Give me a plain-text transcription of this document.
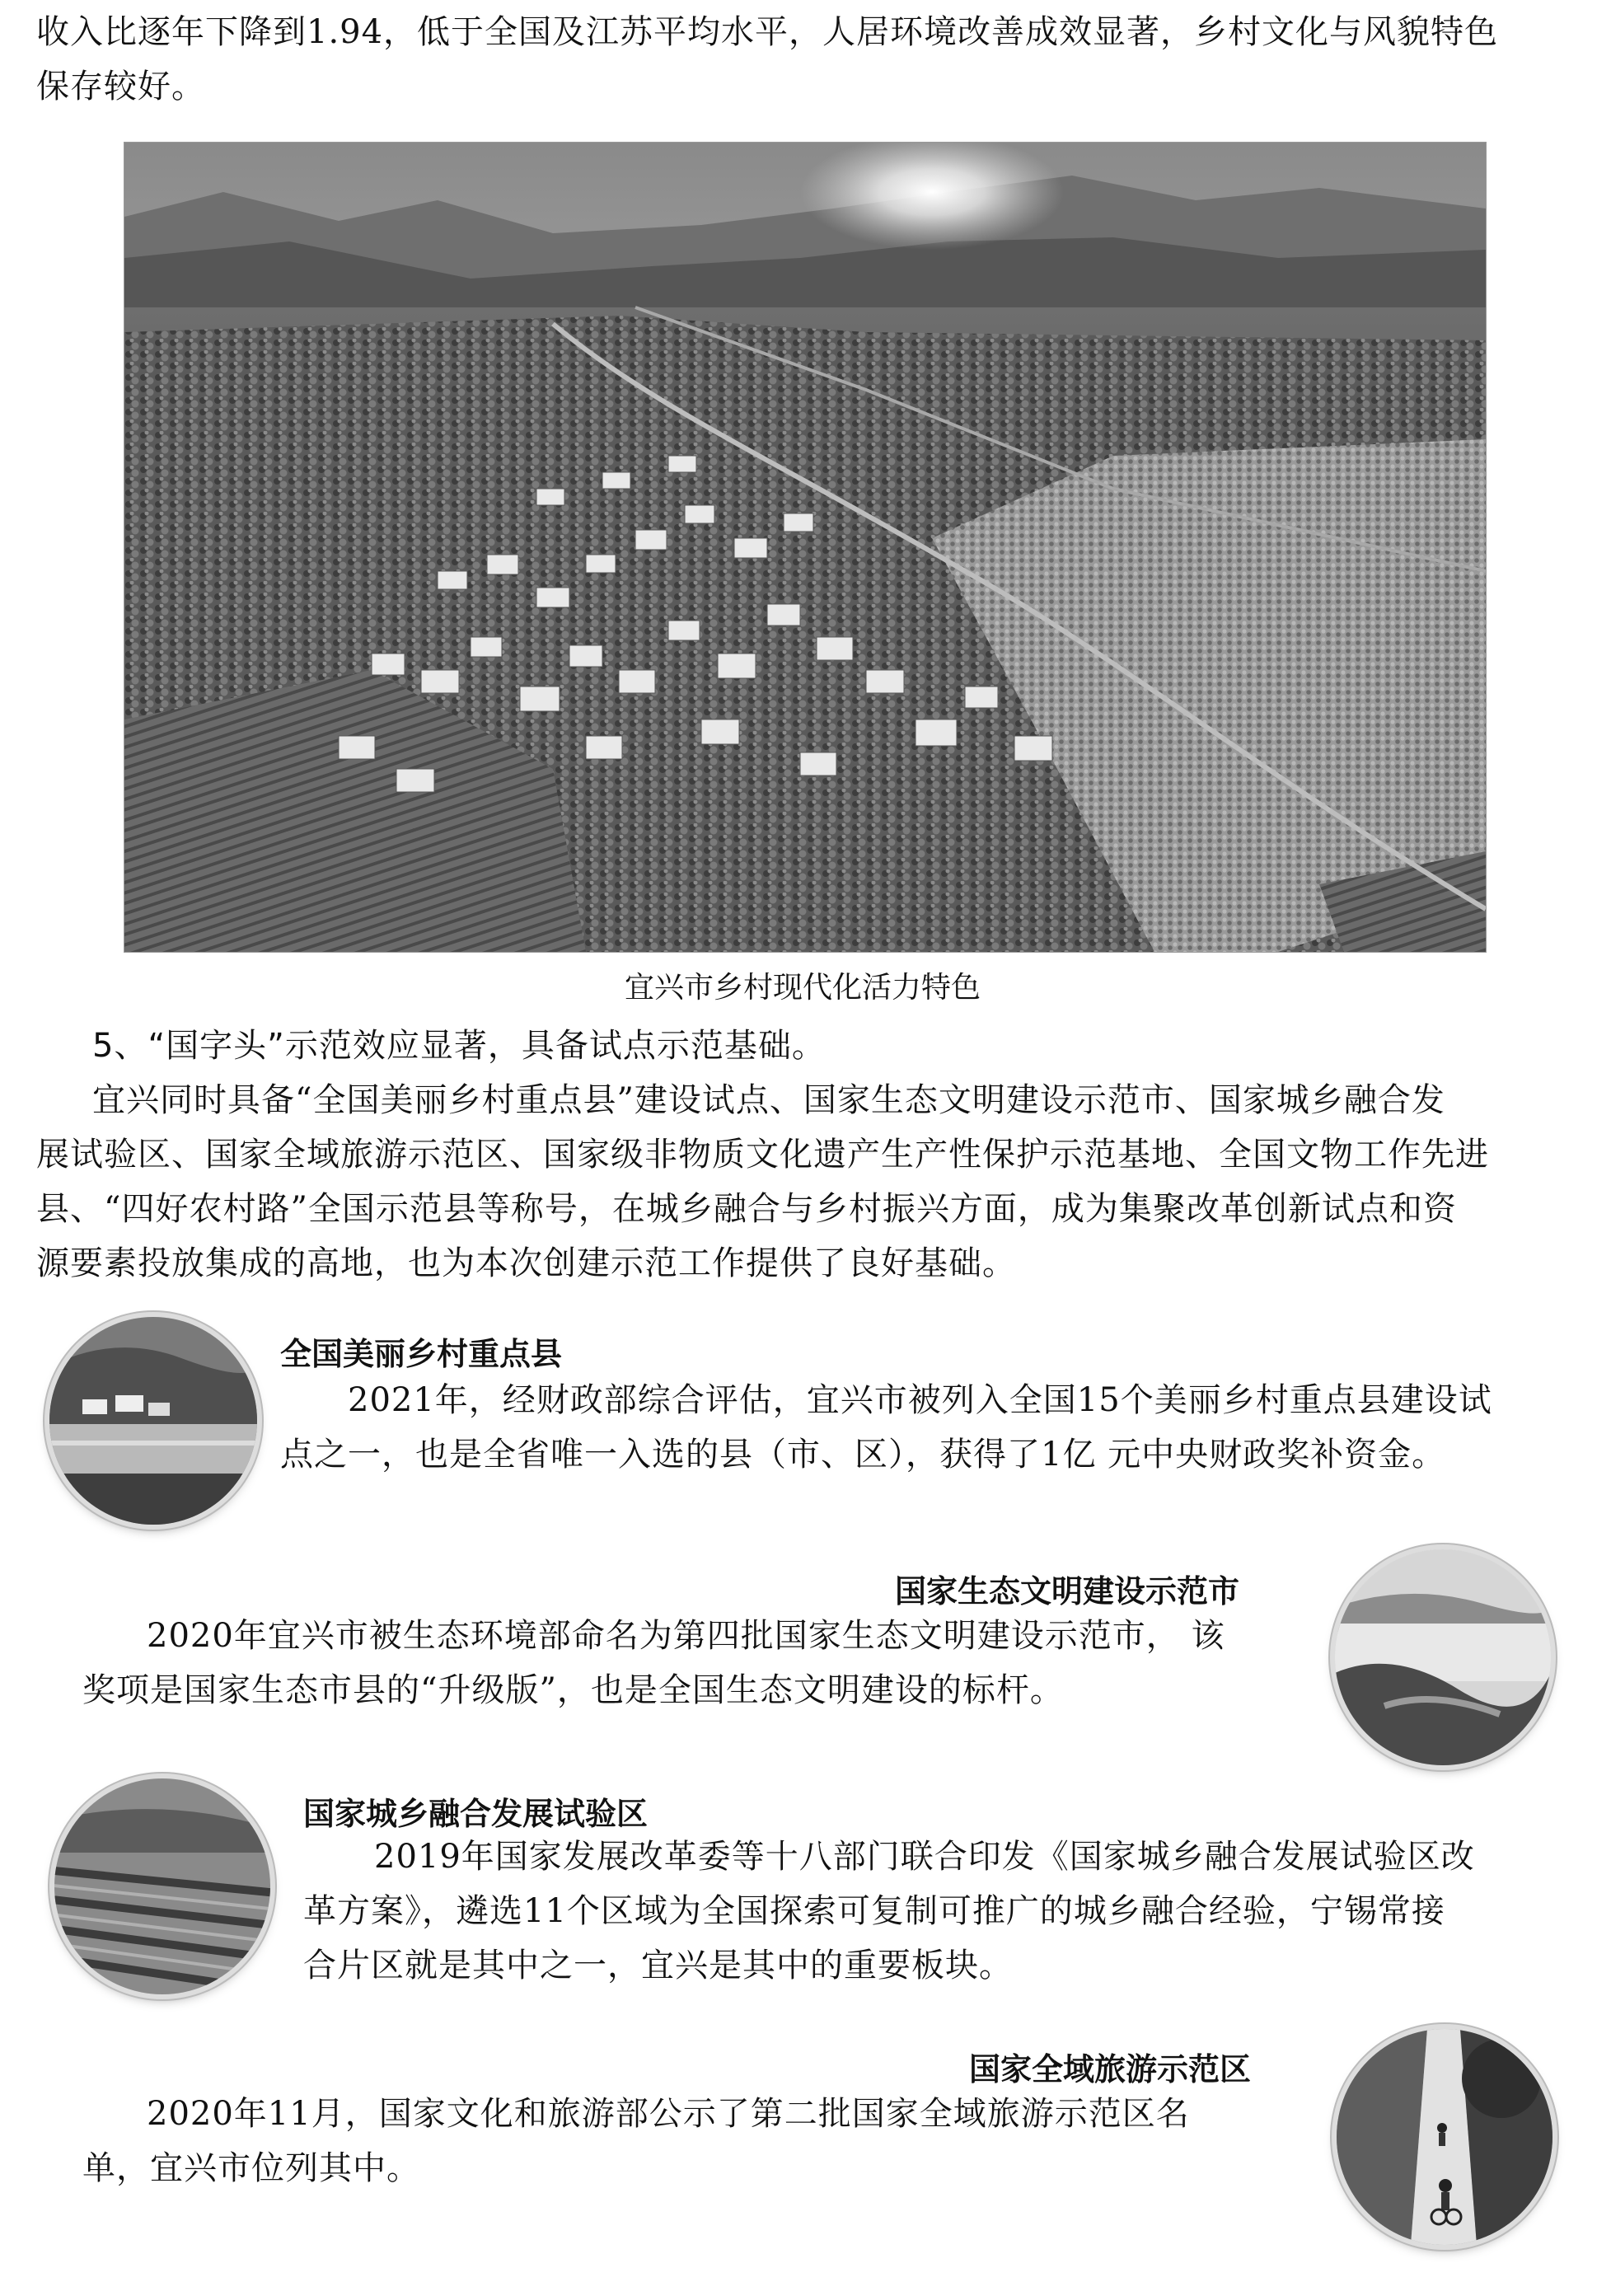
收入比逐年下降到1.94，低于全国及江苏平均水平，人居环境改善成效显著，乡村文化与风貌特色
保存较好。
宜兴市乡村现代化活力特色
5、“国字头”示范效应显著，具备试点示范基础。
宜兴同时具备“全国美丽乡村重点县”建设试点、国家生态文明建设示范市、国家城乡融合发
展试验区、国家全域旅游示范区、国家级非物质文化遗产生产性保护示范基地、全国文物工作先进
县、“四好农村路”全国示范县等称号，在城乡融合与乡村振兴方面，成为集聚改革创新试点和资
源要素投放集成的高地，也为本次创建示范工作提供了良好基础。
全国美丽乡村重点县
2021年，经财政部综合评估，宜兴市被列入全国15个美丽乡村重点县建设试
点之一，也是全省唯一入选的县（市、区），获得了1亿 元中央财政奖补资金。
国家生态文明建设示范市
2020年宜兴市被生态环境部命名为第四批国家生态文明建设示范市， 该
奖项是国家生态市县的“升级版”，也是全国生态文明建设的标杆。
国家城乡融合发展试验区
2019年国家发展改革委等十八部门联合印发《国家城乡融合发展试验区改
革方案》，遴选11个区域为全国探索可复制可推广的城乡融合经验，宁锡常接
合片区就是其中之一，宜兴是其中的重要板块。
国家全域旅游示范区
2020年11月，国家文化和旅游部公示了第二批国家全域旅游示范区名
单，宜兴市位列其中。
